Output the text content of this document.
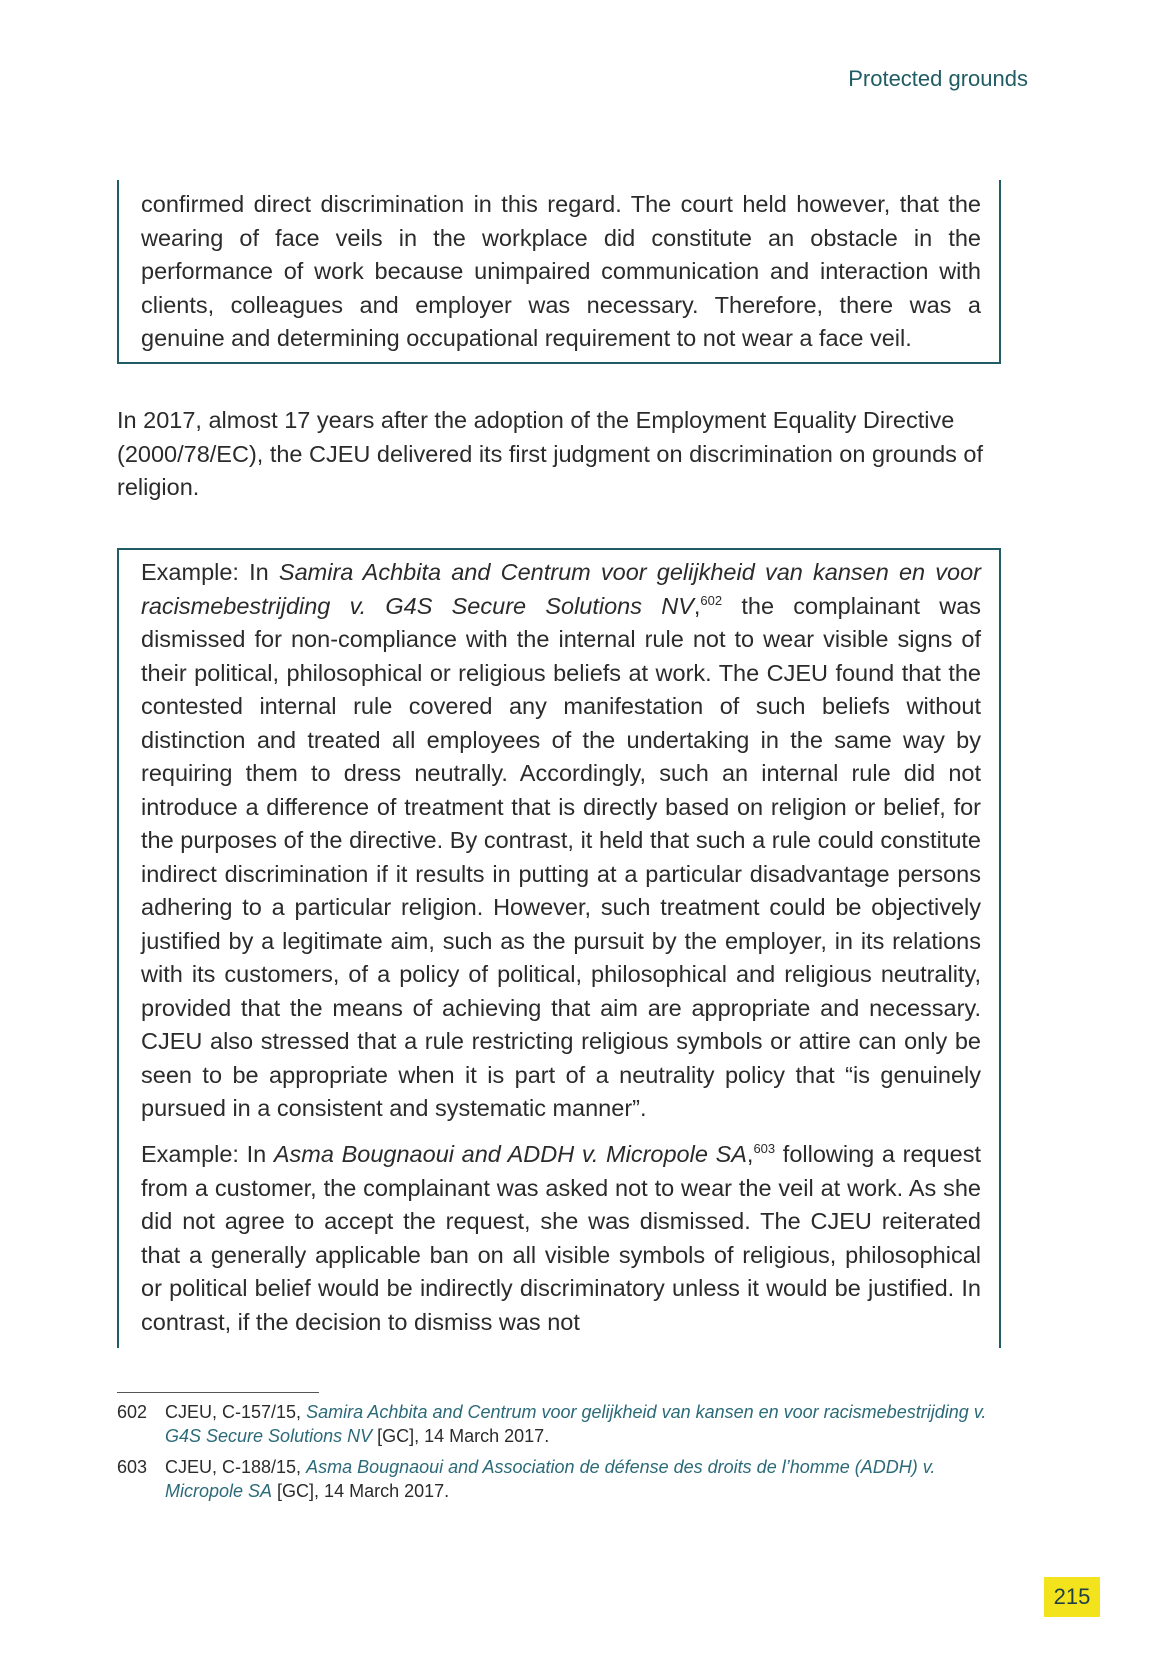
Protected grounds

confirmed direct discrimination in this regard. The court held however, that the wearing of face veils in the workplace did constitute an obstacle in the performance of work because unimpaired communication and interaction with clients, colleagues and employer was necessary. Therefore, there was a genuine and determining occupational requirement to not wear a face veil.

In 2017, almost 17 years after the adoption of the Employment Equality Directive (2000/78/EC), the CJEU delivered its first judgment on discrimination on grounds of religion.

Example: In Samira Achbita and Centrum voor gelijkheid van kansen en voor racismebestrijding v. G4S Secure Solutions NV,$^{602}$ the complainant was dismissed for non-compliance with the internal rule not to wear visible signs of their political, philosophical or religious beliefs at work. The CJEU found that the contested internal rule covered any manifestation of such beliefs without distinction and treated all employees of the undertaking in the same way by requiring them to dress neutrally. Accordingly, such an internal rule did not introduce a difference of treatment that is directly based on religion or belief, for the purposes of the directive. By contrast, it held that such a rule could constitute indirect discrimination if it results in putting at a particular disadvantage persons adhering to a particular religion. However, such treatment could be objectively justified by a legitimate aim, such as the pursuit by the employer, in its relations with its customers, of a policy of political, philosophical and religious neutrality, provided that the means of achieving that aim are appropriate and necessary. CJEU also stressed that a rule restricting religious symbols or attire can only be seen to be appropriate when it is part of a neutrality policy that “is genuinely pursued in a consistent and systematic manner”.

Example: In Asma Bougnaoui and ADDH v. Micropole SA,$^{603}$ following a request from a customer, the complainant was asked not to wear the veil at work. As she did not agree to accept the request, she was dismissed. The CJEU reiterated that a generally applicable ban on all visible symbols of religious, philosophical or political belief would be indirectly discriminatory unless it would be justified. In contrast, if the decision to dismiss was not

602 CJEU, C-157/15, Samira Achbita and Centrum voor gelijkheid van kansen en voor racismebestrijding v. G4S Secure Solutions NV [GC], 14 March 2017.
603 CJEU, C-188/15, Asma Bougnaoui and Association de défense des droits de l’homme (ADDH) v. Micropole SA [GC], 14 March 2017.
215
